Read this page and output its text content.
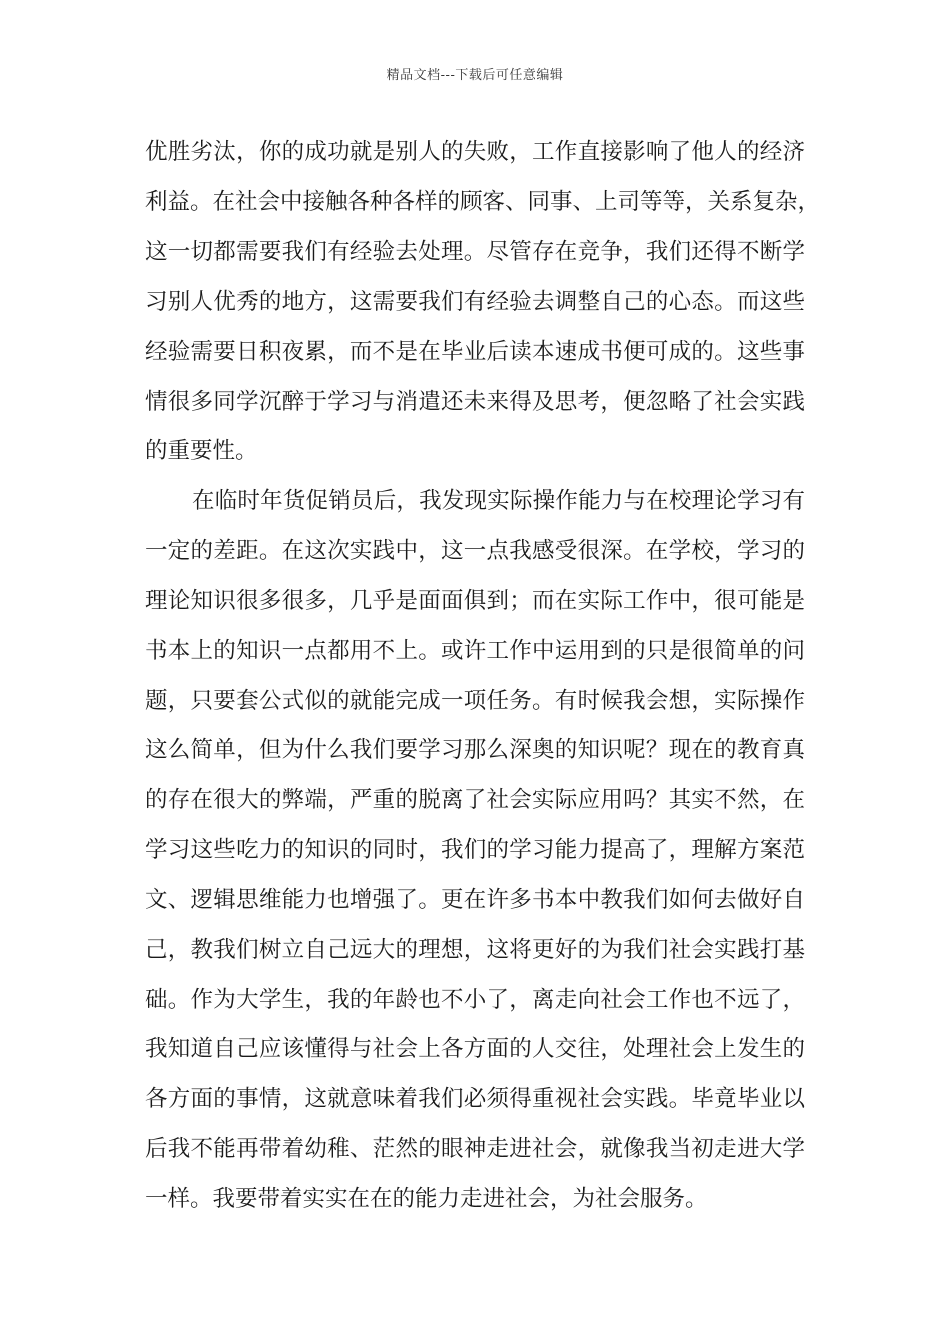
精品文档---下载后可任意编辑
优胜劣汰，你的成功就是别人的失败，工作直接影响了他人的经济
利益。在社会中接触各种各样的顾客、同事、上司等等，关系复杂，
这一切都需要我们有经验去处理。尽管存在竞争，我们还得不断学
习别人优秀的地方，这需要我们有经验去调整自己的心态。而这些
经验需要日积夜累，而不是在毕业后读本速成书便可成的。这些事
情很多同学沉醉于学习与消遣还未来得及思考，便忽略了社会实践
的重要性。
在临时年货促销员后，我发现实际操作能力与在校理论学习有
一定的差距。在这次实践中，这一点我感受很深。在学校，学习的
理论知识很多很多，几乎是面面俱到；而在实际工作中，很可能是
书本上的知识一点都用不上。或许工作中运用到的只是很简单的问
题，只要套公式似的就能完成一项任务。有时候我会想，实际操作
这么简单，但为什么我们要学习那么深奥的知识呢？现在的教育真
的存在很大的弊端，严重的脱离了社会实际应用吗？其实不然，在
学习这些吃力的知识的同时，我们的学习能力提高了，理解方案范
文、逻辑思维能力也增强了。更在许多书本中教我们如何去做好自
己，教我们树立自己远大的理想，这将更好的为我们社会实践打基
础。作为大学生，我的年龄也不小了，离走向社会工作也不远了，
我知道自己应该懂得与社会上各方面的人交往，处理社会上发生的
各方面的事情，这就意味着我们必须得重视社会实践。毕竟毕业以
后我不能再带着幼稚、茫然的眼神走进社会，就像我当初走进大学
一样。我要带着实实在在的能力走进社会，为社会服务。
